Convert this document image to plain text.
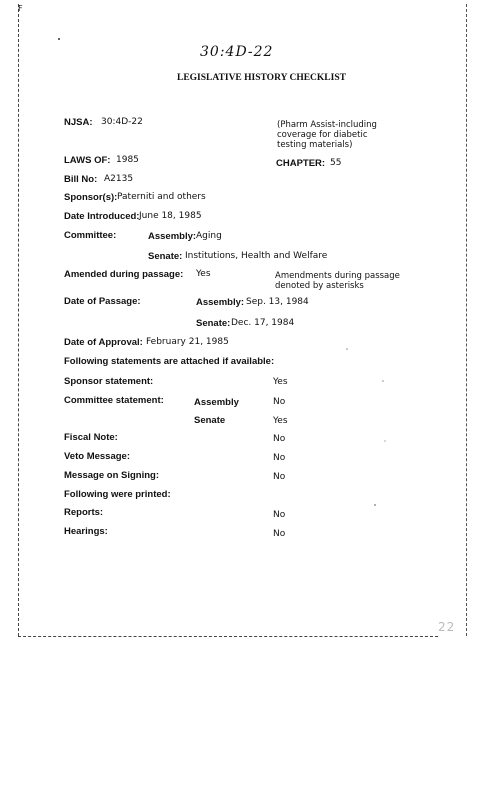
F
30:4D-22
LEGISLATIVE HISTORY CHECKLIST
NJSA: 30:4D-22	(Pharm Assist-including
coverage for diabetic
testing materials)
LAWS OF: 1985	CHAPTER: 55
Bill No: A2135
Sponsor(s): Paterniti and others
Date Introduced: June 18, 1985
Committee:	Assembly: Aging
Senate: Institutions, Health and Welfare
Amended during passage: Yes	Amendments during passage
denoted by asterisks
Date of Passage:	Assembly: Sep. 13, 1984
Senate: Dec. 17, 1984
Date of Approval: February 21, 1985
Following statements are attached if available:
Sponsor statement:	Yes
Committee statement:	Assembly	No
Senate	Yes
Fiscal Note:	No
Veto Message:	No
Message on Signing:	No
Following were printed:
Reports:	No
Hearings:	No
22
